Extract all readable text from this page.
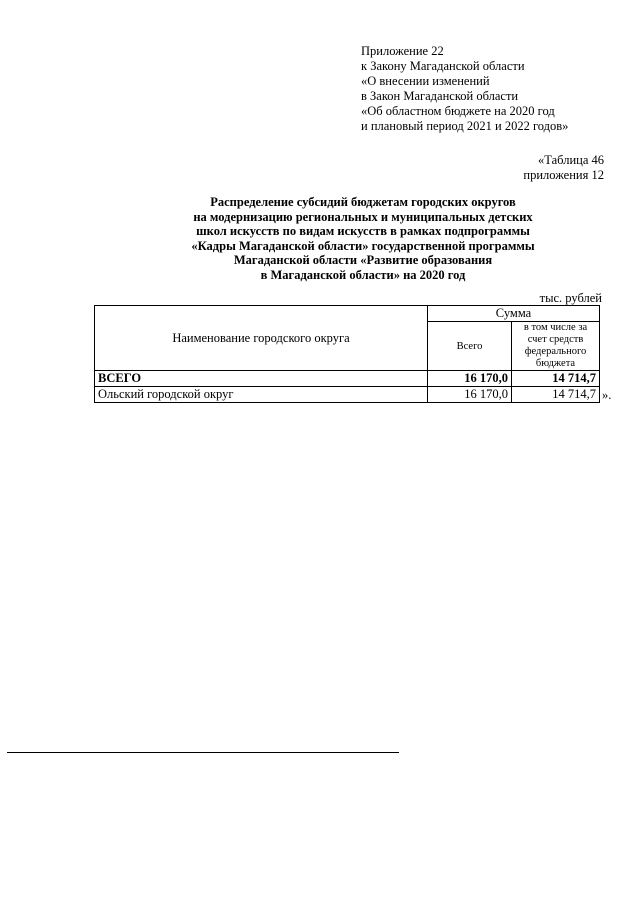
Приложение 22
к Закону Магаданской области
«О внесении изменений
в Закон Магаданской области
«Об областном бюджете на 2020 год
и плановый период 2021 и 2022 годов»
«Таблица 46
приложения 12
Распределение субсидий бюджетам городских округов
на модернизацию региональных и муниципальных детских
школ искусств по видам искусств в рамках подпрограммы
«Кадры Магаданской области» государственной программы
Магаданской области «Развитие образования
в Магаданской области» на 2020 год
тыс. рублей
Наименование городского округа	Сумма	
	Всего	в том числе за счет средств федерального бюджета
ВСЕГО	16 170,0	14 714,7
Ольский городской округ	16 170,0	14 714,7 ».
